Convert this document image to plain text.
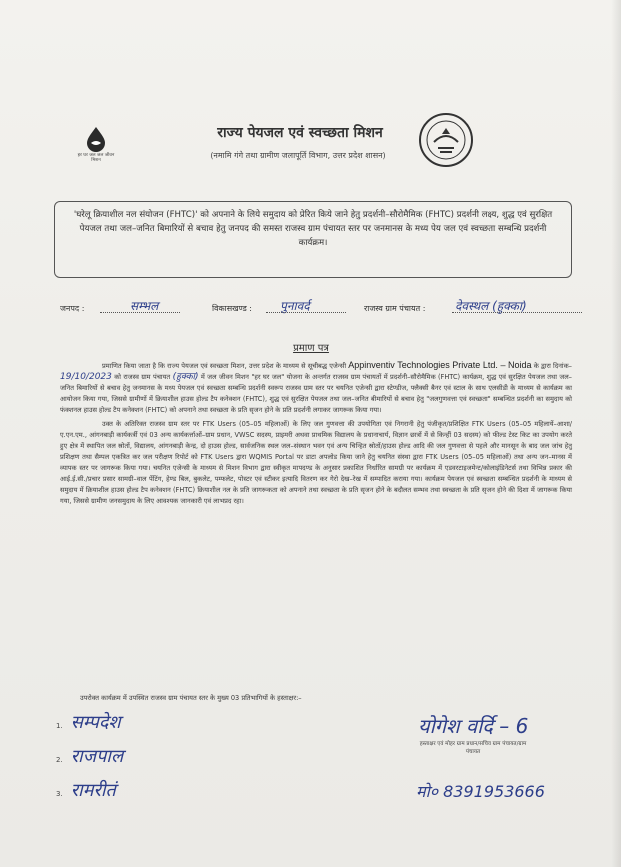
हर घर जल जल जीवन मिशन
राज्य पेयजल एवं स्वच्छता मिशन
(नमामि गंगे तथा ग्रामीण जलापूर्ति विभाग, उत्तर प्रदेश शासन)
'घरेलू क्रियाशील नल संयोजन (FHTC)' को अपनाने के लिये समुदाय को प्रेरित किये जाने हेतु प्रदर्शनी–सौरोमैमिक (FHTC) प्रदर्शनी लक्ष्य, शुद्ध एवं सुरक्षित पेयजल तथा जल–जनित बिमारियों से बचाव हेतु जनपद की समस्त राजस्व ग्राम पंचायत स्तर पर जनमानस के मध्य पेय जल एवं स्वच्छता सम्बन्धि प्रदर्शनी कार्यक्रम।
जनपद :	सम्भल	विकासखण्ड : पुनावर्द	राजस्व ग्राम पंचायत : देवस्थल (हुक्का)
प्रमाण पत्र
प्रमाणित किया जाता है कि राज्य पेयजल एवं स्वच्छता मिशन, उत्तर प्रदेश के माध्यम से सूचीबद्ध एजेन्सी Appinventiv Technologies Private Ltd. – Noida के द्वारा दिनांक– 19/10/2023 को राजस्व ग्राम पंचायत (हुक्का) में जल जीवन मिशन "हर घर जल" योजना के अन्तर्गत राजस्व ग्राम पंचायतों में प्रदर्शनी–सौरोमैमिक (FHTC) कार्यक्रम, शुद्ध एवं सुरक्षित पेयजल तथा जल–जनित बिमारियों से बचाव हेतु जनमानस के मध्य पेयजल एवं स्वच्छता सम्बन्धि प्रदर्शनी स्वरूप राजस्व ग्राम स्तर पर चयनित एजेन्सी द्वारा स्टेण्डीज, फ्लैक्सी बैनर एवं स्टाल के साथ एलसीडी के माध्यम से कार्यक्रम का आयोजन किया गया, जिससे ग्रामीणों में क्रियाशील हाउस होल्ड टैप कनेक्शन (FHTC), शुद्ध एवं सुरक्षित पेयजल तथा जल–जनित बीमारियों से बचाव हेतु "जलगुणवत्ता एवं स्वच्छता" सम्बन्धित प्रदर्शनी का समुदाय को फंक्शनल हाउस होल्ड टैप कनेक्शन (FHTC) को अपनाने तथा स्वच्छता के प्रति सृजन होने के प्रति प्रदर्शनी लगाकर जागरूक किया गया।
उक्त के अतिरिक्त राजस्व ग्राम स्तर पर FTK Users (05–05 महिलाओं) के लिए जल गुणवत्ता की उपयोगिता एवं निगरानी हेतु पंजीकृत/प्रशिक्षित FTK Users (05–05 महिलायें–आशा/ए.एन.एम., आंगनबाड़ी कार्यकर्त्री एवं 03 अन्य कार्यकर्त्ताओं–ग्राम प्रधान, VWSC सदस्य, प्राइमरी अथवा प्राथमिक विद्यालय के प्रधानाचार्य, विज्ञान छात्रों में से किन्हीं 03 सदस्य) को फील्ड टेस्ट किट का उपयोग करते हुए क्षेत्र में स्थापित जल स्रोतों, विद्यालय, आंगनबाड़ी केन्द्र, दो हाउस होल्ड, सार्वजनिक स्थल जल–संस्थान भवन एवं अन्य चिन्हित स्रोतों/हाउस होल्ड आदि की जल गुणवत्ता से पहले और मानसून के बाद जल जांच हेतु प्रशिक्षण तथा सैम्पल एकत्रित कर जल परीक्षण रिपोर्ट को FTK Users द्वारा WQMIS Portal पर डाटा अपलोड किया जाने हेतु चयनित संस्था द्वारा FTK Users (05–05 महिलाओं) तथा अन्य जन–मानस में व्यापक स्तर पर जागरूक किया गया। चयनित एजेन्सी के माध्यम से मिशन विभाग द्वारा स्वीकृत मापदण्ड के अनुसार प्रकाशित निर्धारित सामग्री पर कार्यक्रम में एडवरटाइजमेन्ट/कोलाइंडिनेटर्स तथा विभिन्न प्रकार की आई.ई.सी./प्रचार प्रसार सामग्री–वाल पेंटिंग, हेण्ड बिल, बुकलेट, पम्फलेट, पोस्टर एवं स्टीकर इत्यादि वितरण कर गेरो देख–रेख में सम्पादित कराया गया। कार्यक्रम पेयजल एवं स्वच्छता सम्बन्धित प्रदर्शनी के माध्यम से समुदाय में क्रियाशील हाउस होल्ड टैप कनेक्शन (FHTC) क्रियाशील नल के प्रति जागरूकता को अपनाने तथा स्वच्छता के प्रति सृजन होने के बदौलत सम्भव तथा स्वच्छता के प्रति सृजन होने की दिशा में जागरूक किया गया, जिससे ग्रामीण जनसमुदाय के लिए आवश्यक जानकारी एवं लाभप्रद रहा।
उपरोक्त कार्यक्रम में उपस्थित राजस्व ग्राम पंचायत स्तर के मुख्य 03 प्रतिभागियों के हस्ताक्षर:–
1. सम्पदेश
2. राजपाल
3. रामरीतं
योगेश वर्दि – 6
हस्ताक्षर एवं मोहर ग्राम प्रधान/सचिव ग्राम पंचायत/ग्राम पंचायत
मो० 8391953666
